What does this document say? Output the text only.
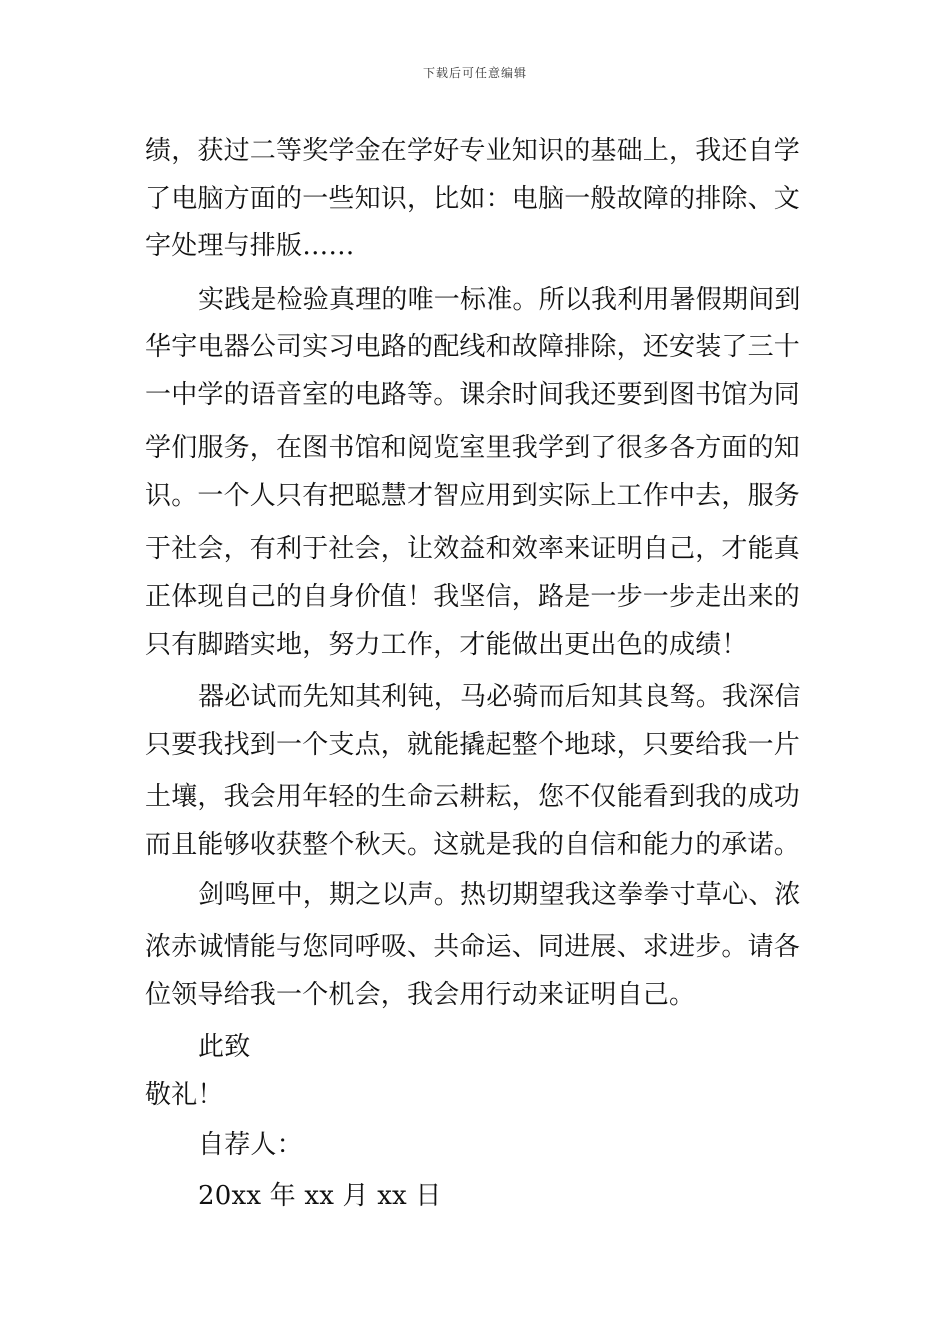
下载后可任意编辑
绩，获过二等奖学金在学好专业知识的基础上，我还自学
了电脑方面的一些知识，比如：电脑一般故障的排除、文
字处理与排版……
实践是检验真理的唯一标准。所以我利用暑假期间到
华宇电器公司实习电路的配线和故障排除，还安装了三十
一中学的语音室的电路等。课余时间我还要到图书馆为同
学们服务，在图书馆和阅览室里我学到了很多各方面的知
识。一个人只有把聪慧才智应用到实际上工作中去，服务
于社会，有利于社会，让效益和效率来证明自己，才能真
正体现自己的自身价值！我坚信，路是一步一步走出来的
只有脚踏实地，努力工作，才能做出更出色的成绩！
器必试而先知其利钝，马必骑而后知其良驽。我深信
只要我找到一个支点，就能撬起整个地球，只要给我一片
土壤，我会用年轻的生命云耕耘，您不仅能看到我的成功
而且能够收获整个秋天。这就是我的自信和能力的承诺。
剑鸣匣中，期之以声。热切期望我这拳拳寸草心、浓
浓赤诚情能与您同呼吸、共命运、同进展、求进步。请各
位领导给我一个机会，我会用行动来证明自己。
此致
敬礼！
自荐人：
20xx 年 xx 月 xx 日
